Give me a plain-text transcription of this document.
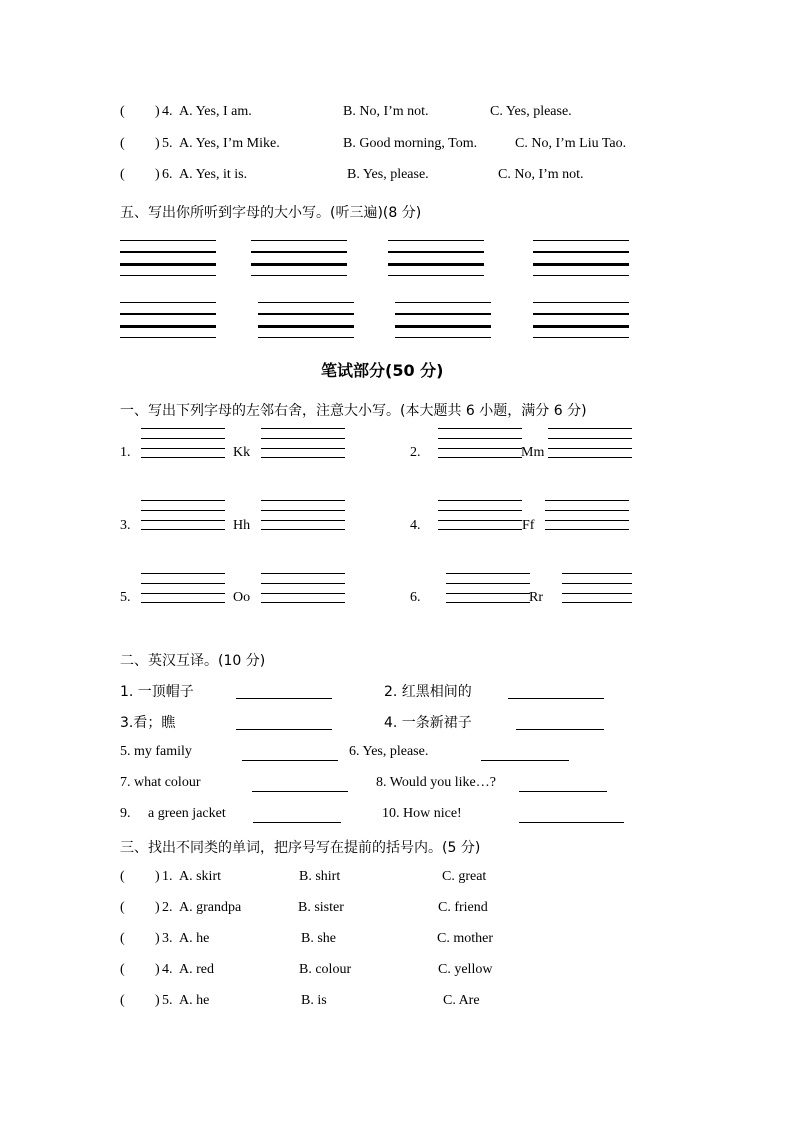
( ) 4. A. Yes, I am.	B. No, I’m not.	C. Yes, please.
( ) 5. A. Yes, I’m Mike.	B. Good morning, Tom.	C. No, I’m Liu Tao.
( ) 6. A. Yes, it is.	B. Yes, please.	C. No, I’m not.
五、写出你所听到字母的大小写。(听三遍)(8 分)
笔试部分(50 分)
一、写出下列字母的左邻右舍，注意大小写。(本大题共 6 小题，满分 6 分)
1.	Kk	2.	Mm
3.	Hh	4.	Ff
5.	Oo	6.	Rr
二、英汉互译。(10 分)
1. 一顶帽子	2. 红黑相间的
3.看；瞧	4. 一条新裙子
5. my family	6. Yes, please.
7. what colour	8. Would you like…?
9.     a green jacket	10. How nice!
三、找出不同类的单词，把序号写在提前的括号内。(5 分)
( ) 1. A. skirt	B. shirt	C. great
( ) 2. A. grandpa	B. sister	C. friend
( ) 3. A. he	B. she	C. mother
( ) 4. A. red	B. colour	C. yellow
( ) 5. A. he	B. is	C. Are
